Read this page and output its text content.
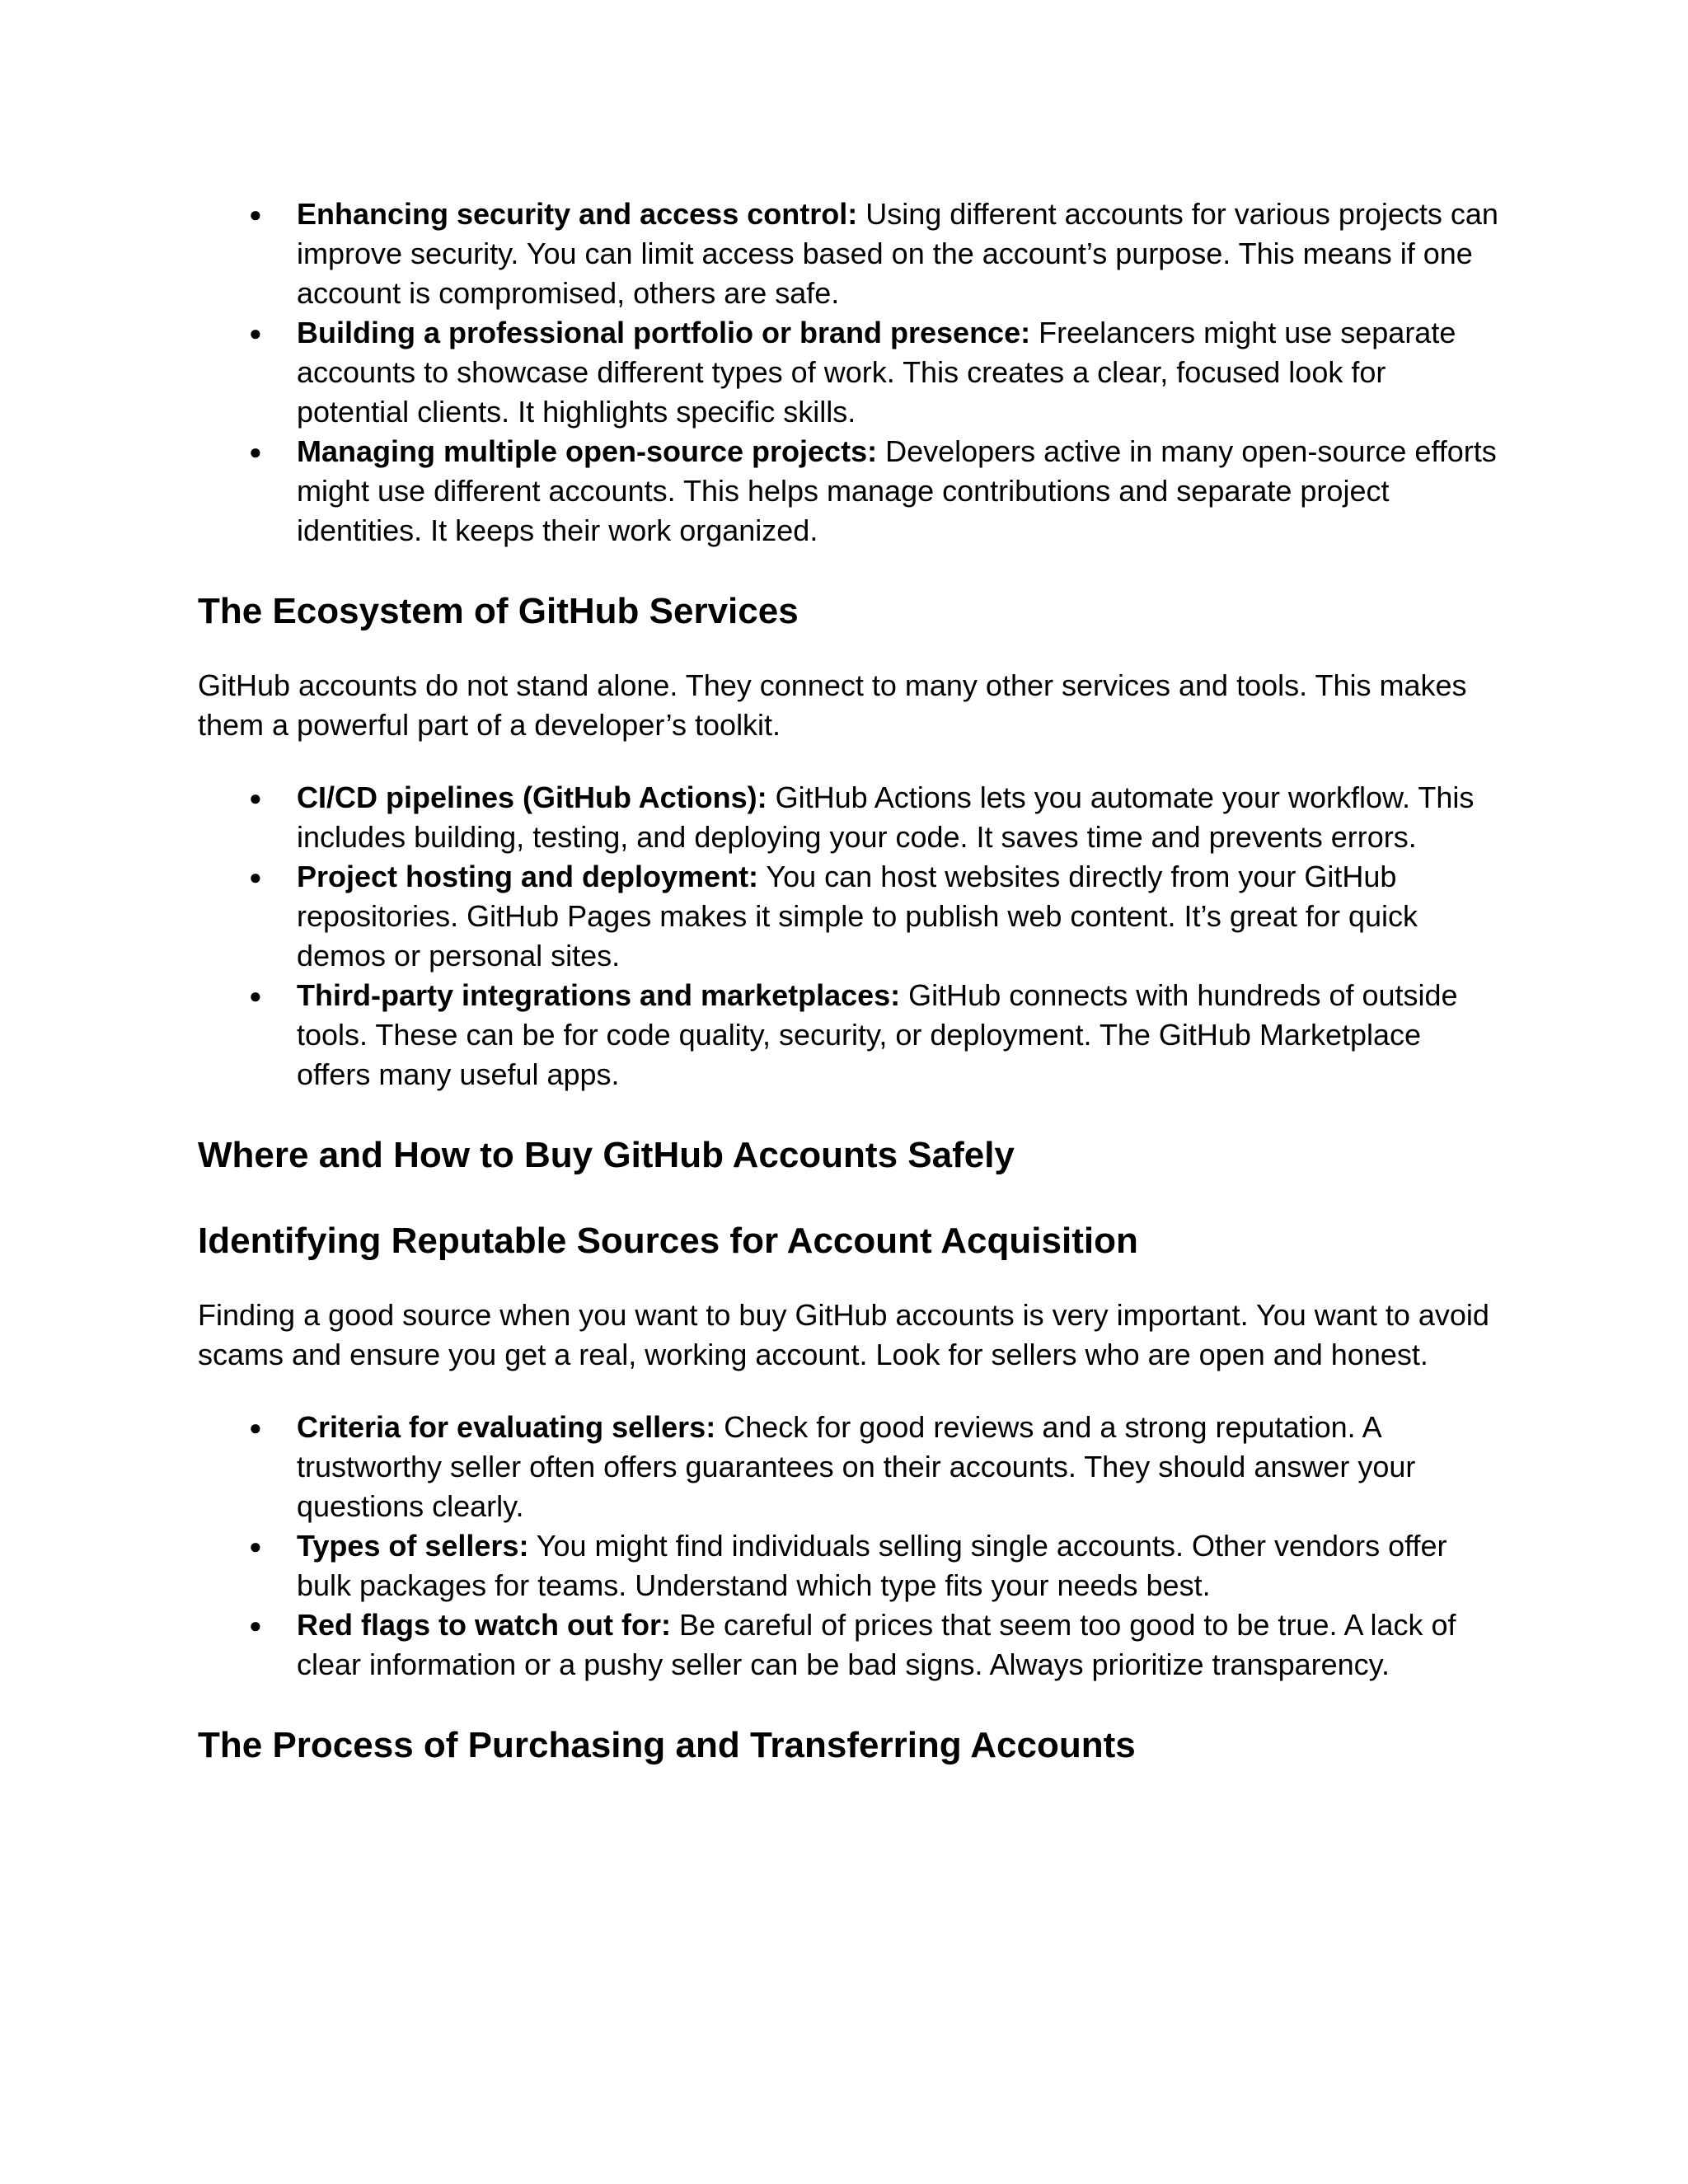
● Enhancing security and access control: Using different accounts for various projects can improve security. You can limit access based on the account’s purpose. This means if one account is compromised, others are safe.
● Building a professional portfolio or brand presence: Freelancers might use separate accounts to showcase different types of work. This creates a clear, focused look for potential clients. It highlights specific skills.
● Managing multiple open-source projects: Developers active in many open-source efforts might use different accounts. This helps manage contributions and separate project identities. It keeps their work organized.
The Ecosystem of GitHub Services

GitHub accounts do not stand alone. They connect to many other services and tools. This makes them a powerful part of a developer’s toolkit.

● CI/CD pipelines (GitHub Actions): GitHub Actions lets you automate your workflow. This includes building, testing, and deploying your code. It saves time and prevents errors.
● Project hosting and deployment: You can host websites directly from your GitHub repositories. GitHub Pages makes it simple to publish web content. It’s great for quick demos or personal sites.
● Third-party integrations and marketplaces: GitHub connects with hundreds of outside tools. These can be for code quality, security, or deployment. The GitHub Marketplace offers many useful apps.
Where and How to Buy GitHub Accounts Safely
Identifying Reputable Sources for Account Acquisition

Finding a good source when you want to buy GitHub accounts is very important. You want to avoid scams and ensure you get a real, working account. Look for sellers who are open and honest.

● Criteria for evaluating sellers: Check for good reviews and a strong reputation. A trustworthy seller often offers guarantees on their accounts. They should answer your questions clearly.
● Types of sellers: You might find individuals selling single accounts. Other vendors offer bulk packages for teams. Understand which type fits your needs best.
● Red flags to watch out for: Be careful of prices that seem too good to be true. A lack of clear information or a pushy seller can be bad signs. Always prioritize transparency.
The Process of Purchasing and Transferring Accounts
